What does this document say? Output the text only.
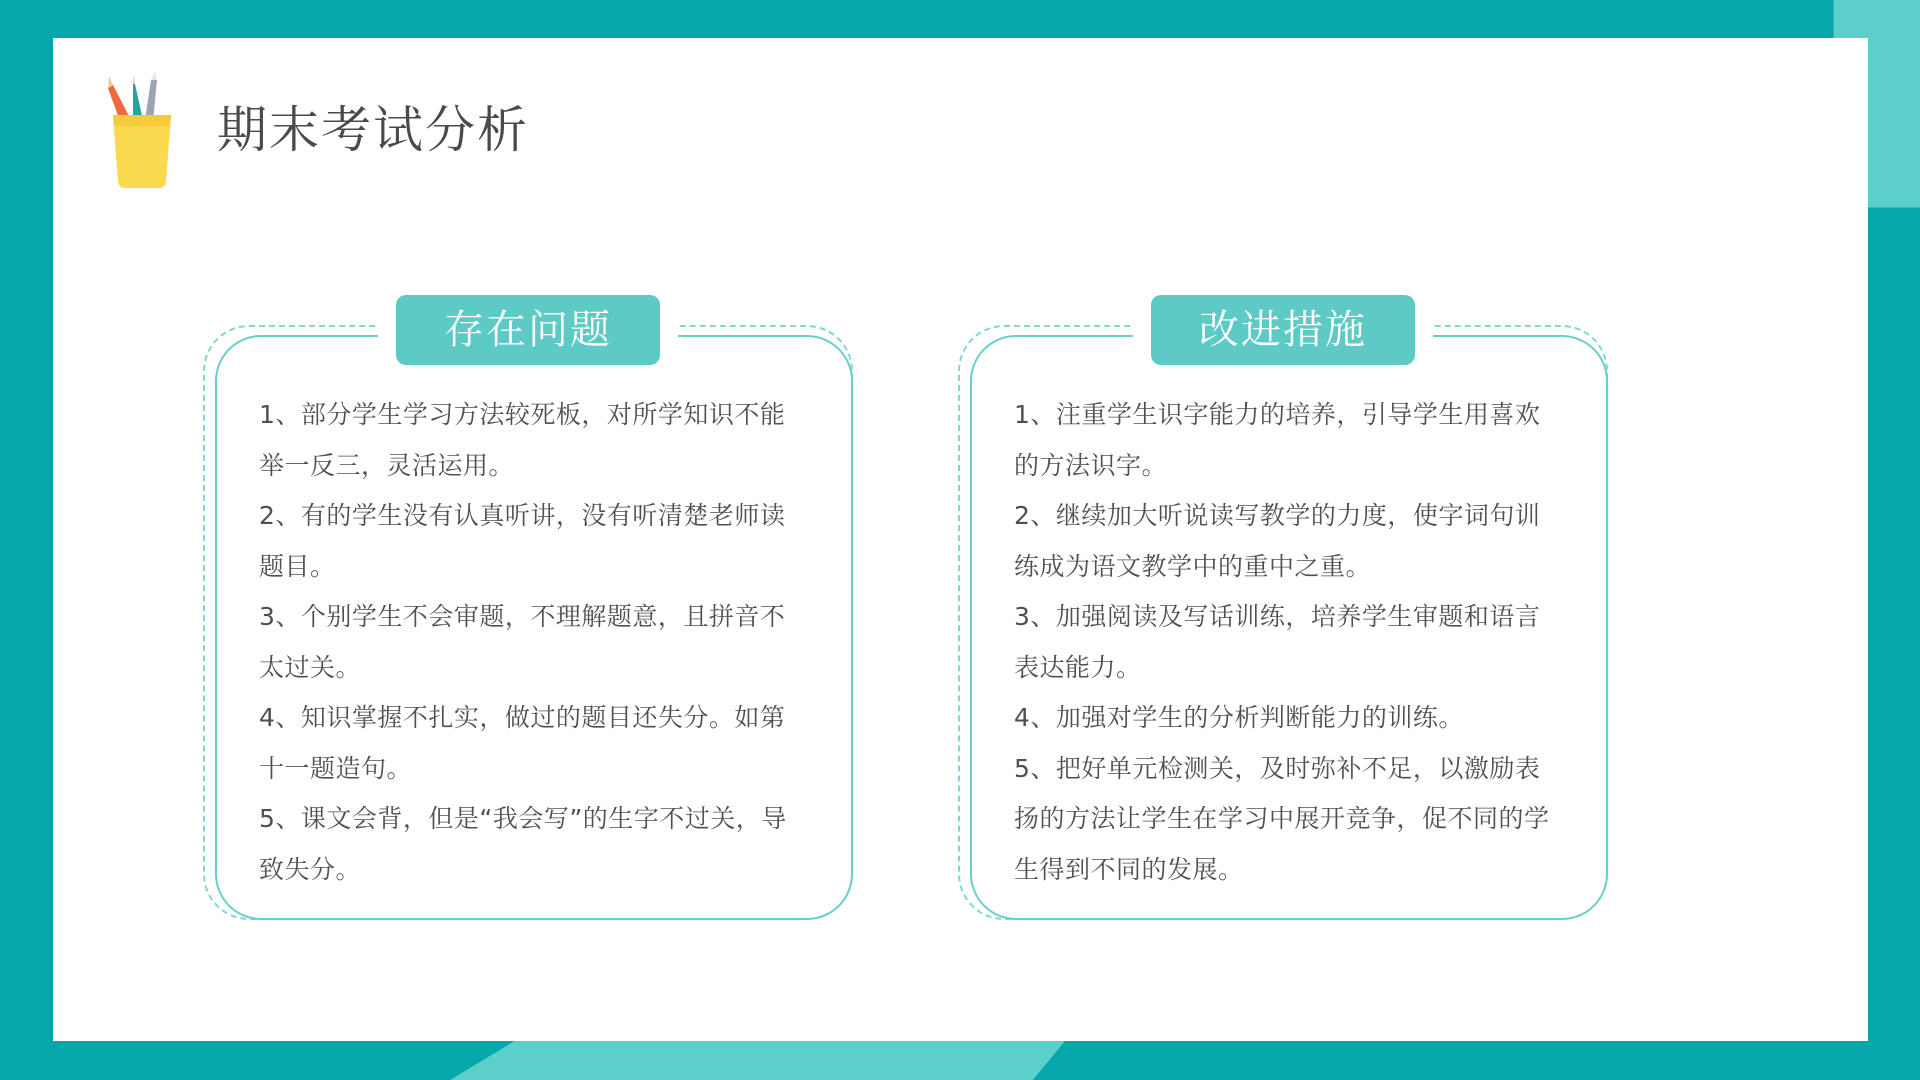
期末考试分析
存在问题
1、部分学生学习方法较死板，对所学知识不能举一反三，灵活运用。
2、有的学生没有认真听讲，没有听清楚老师读题目。
3、个别学生不会审题，不理解题意，且拼音不太过关。
4、知识掌握不扎实，做过的题目还失分。如第十一题造句。
5、课文会背，但是“我会写”的生字不过关，导致失分。
改进措施
1、注重学生识字能力的培养，引导学生用喜欢的方法识字。
2、继续加大听说读写教学的力度，使字词句训练成为语文教学中的重中之重。
3、加强阅读及写话训练，培养学生审题和语言表达能力。
4、加强对学生的分析判断能力的训练。
5、把好单元检测关，及时弥补不足，以激励表扬的方法让学生在学习中展开竞争，促不同的学生得到不同的发展。
